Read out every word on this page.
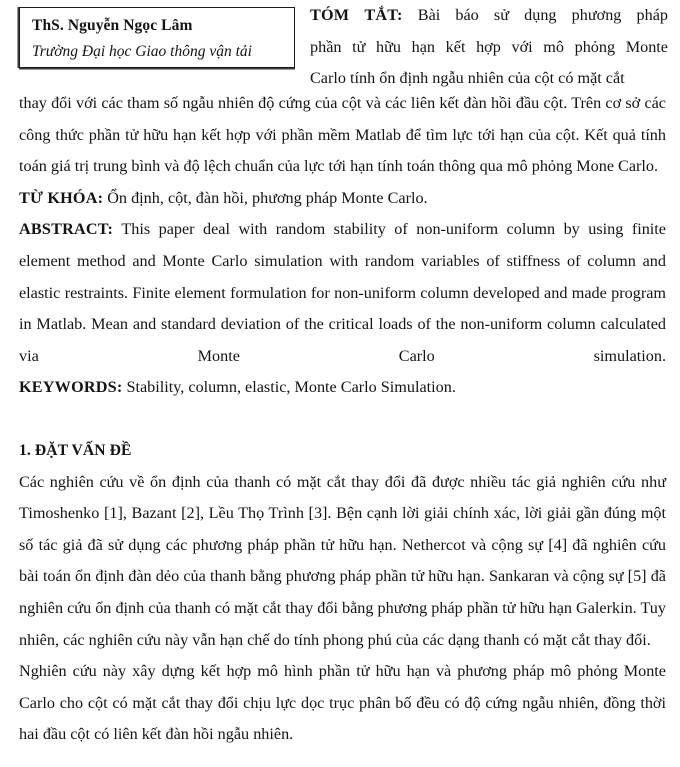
ThS. Nguyễn Ngọc Lâm
Trường Đại học Giao thông vận tải

TÓM TẮT: Bài báo sử dụng phương pháp

phần tử hữu hạn kết hợp với mô phỏng Monte

Carlo tính ổn định ngẫu nhiên của cột có mặt cắt

thay đổi với các tham số ngẫu nhiên độ cứng của cột và các liên kết đàn hồi đầu cột. Trên cơ sở các công thức phần tử hữu hạn kết hợp với phần mềm Matlab để tìm lực tới hạn của cột. Kết quả tính toán giá trị trung bình và độ lệch chuẩn của lực tới hạn tính toán thông qua mô phỏng Mone Carlo.

TỪ KHÓA: Ổn định, cột, đàn hồi, phương pháp Monte Carlo.

ABSTRACT: This paper deal with random stability of non-uniform column by using finite element method and Monte Carlo simulation with random variables of stiffness of column and elastic restraints. Finite element formulation for non-uniform column developed and made program in Matlab. Mean and standard deviation of the critical loads of the non-uniform column calculated via Monte Carlo simulation.

KEYWORDS: Stability, column, elastic, Monte Carlo Simulation.

1. ĐẶT VẤN ĐỀ

Các nghiên cứu về ổn định của thanh có mặt cắt thay đổi đã được nhiều tác giả nghiên cứu như Timoshenko [1], Bazant [2], Lều Thọ Trình [3]. Bện cạnh lời giải chính xác, lời giải gần đúng một số tác giả đã sử dụng các phương pháp phần tử hữu hạn. Nethercot và cộng sự [4] đã nghiên cứu bài toán ổn định đàn dẻo của thanh bằng phương pháp phần tử hữu hạn. Sankaran và cộng sự [5] đã nghiên cứu ổn định của thanh có mặt cắt thay đổi bằng phương pháp phần tử hữu hạn Galerkin. Tuy nhiên, các nghiên cứu này vẫn hạn chế do tính phong phú của các dạng thanh có mặt cắt thay đổi.

Nghiên cứu này xây dựng kết hợp mô hình phần tử hữu hạn và phương pháp mô phỏng Monte Carlo cho cột có mặt cắt thay đổi chịu lực dọc trục phân bố đều có độ cứng ngẫu nhiên, đồng thời hai đầu cột có liên kết đàn hồi ngẫu nhiên.
